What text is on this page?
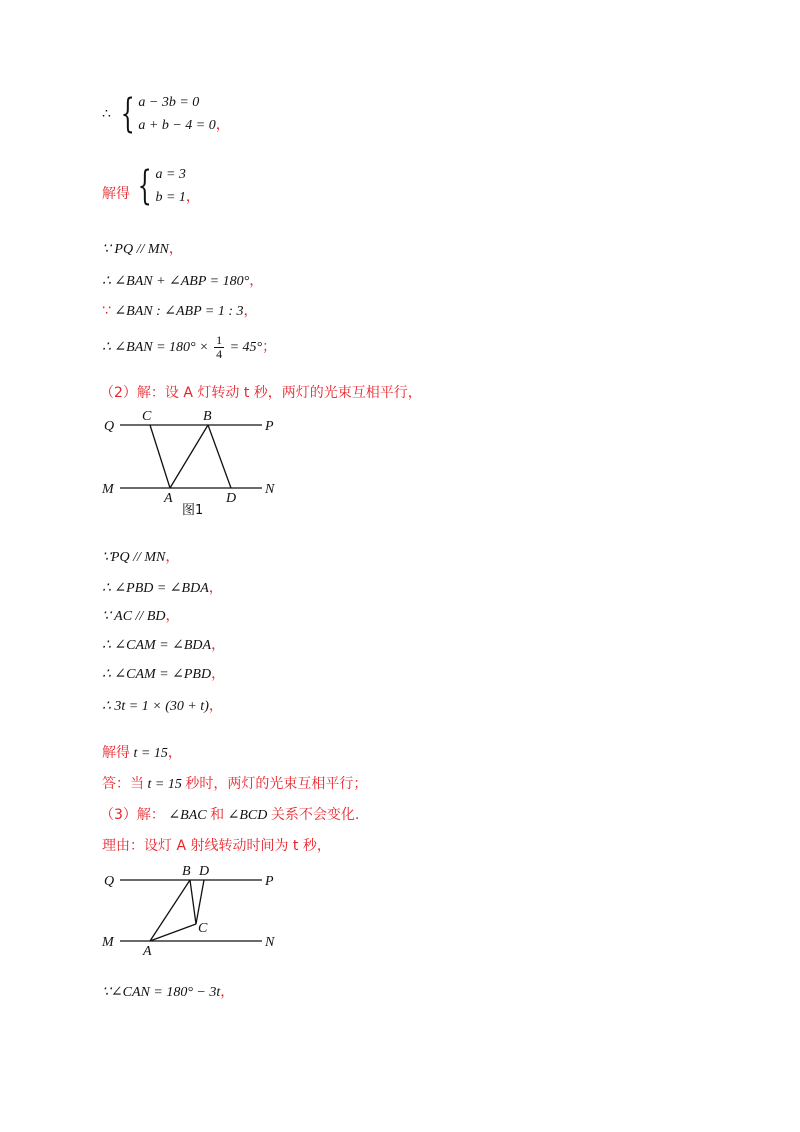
∴ { a − 3b = 0
a + b − 4 = 0，
解得 { a = 3
b = 1，
∵ PQ // MN，
∴ ∠BAN + ∠ABP = 180°，
∵ ∠BAN : ∠ABP = 1 : 3，
∴ ∠BAN = $180^\circ \times \frac{1}{4} = 45^\circ$；
（2）解：设 A 灯转动 t 秒，两灯的光束互相平行，
Q	P
M	N
C	B
A	D
图1
∵PQ // MN，
∴ ∠PBD = ∠BDA，
∵ AC // BD，
∴ ∠CAM = ∠BDA，
∴ ∠CAM = ∠PBD，
∴ 3t = 1 × (30 + t)，
解得 t = 15，
答：当 t = 15 秒时，两灯的光束互相平行；
（3）解： ∠BAC 和 ∠BCD 关系不会变化.
理由：设灯 A 射线转动时间为 t 秒，
Q	P
M	N
B D
C
A
∵∠CAN = 180° − 3t，
